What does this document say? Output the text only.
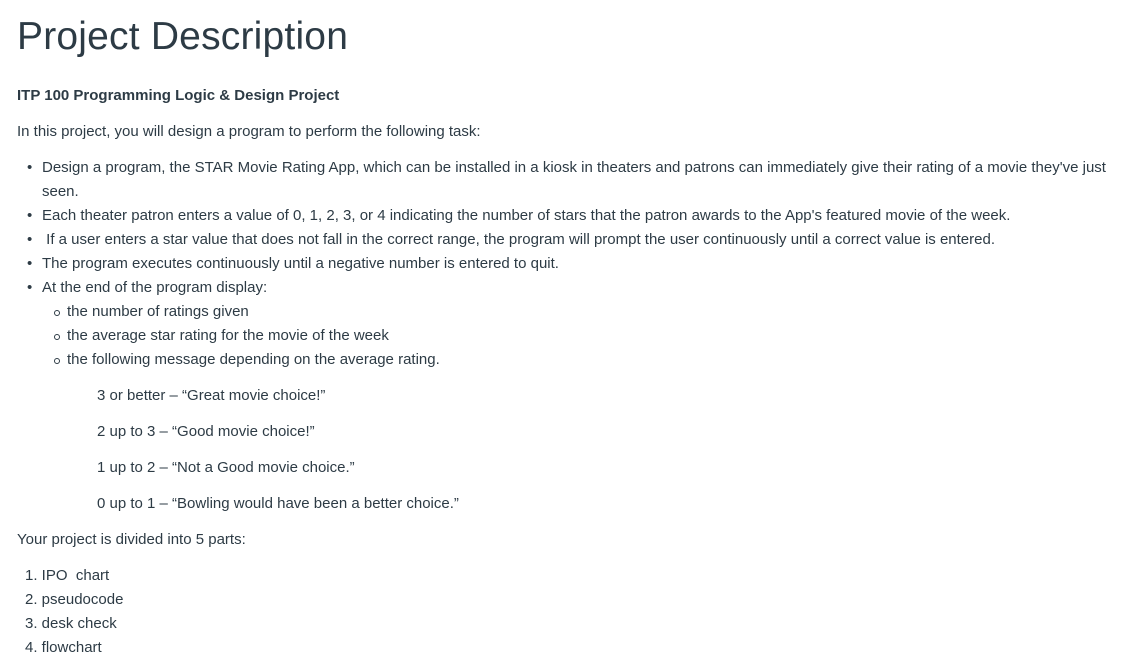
Project Description
ITP 100 Programming Logic & Design Project
In this project, you will design a program to perform the following task:
• Design a program, the STAR Movie Rating App, which can be installed in a kiosk in theaters and patrons can immediately give their rating of a movie they've just seen.
• Each theater patron enters a value of 0, 1, 2, 3, or 4 indicating the number of stars that the patron awards to the App's featured movie of the week.
•  If a user enters a star value that does not fall in the correct range, the program will prompt the user continuously until a correct value is entered.
• The program executes continuously until a negative number is entered to quit.
• At the end of the program display:
the number of ratings given
the average star rating for the movie of the week
the following message depending on the average rating.
3 or better – “Great movie choice!”
2 up to 3 – “Good movie choice!”
1 up to 2 – “Not a Good movie choice.”
0 up to 1 – “Bowling would have been a better choice.”
Your project is divided into 5 parts:
1. IPO  chart
2. pseudocode
3. desk check
4. flowchart
